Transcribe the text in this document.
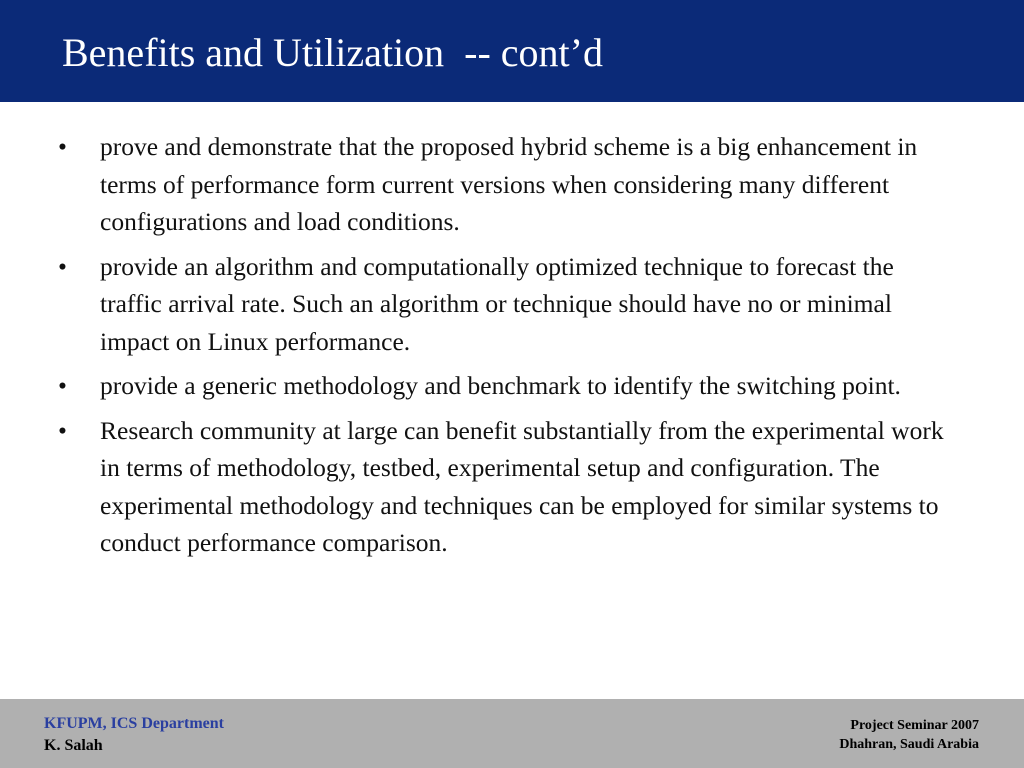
Benefits and Utilization  -- cont’d
•	prove and demonstrate that the proposed hybrid scheme is a big enhancement in terms of performance form current versions when considering many different configurations and load conditions.
•	provide an algorithm and computationally optimized technique to forecast the traffic arrival rate. Such an algorithm or technique should have no or minimal impact on Linux performance.
•	provide a generic methodology and benchmark to identify the switching point.
•	Research community at large can benefit substantially from the experimental work in terms of methodology, testbed, experimental setup and configuration. The experimental methodology and techniques can be employed for similar systems to conduct performance comparison.
KFUPM, ICS Department
K. Salah
Project Seminar 2007
Dhahran, Saudi Arabia
